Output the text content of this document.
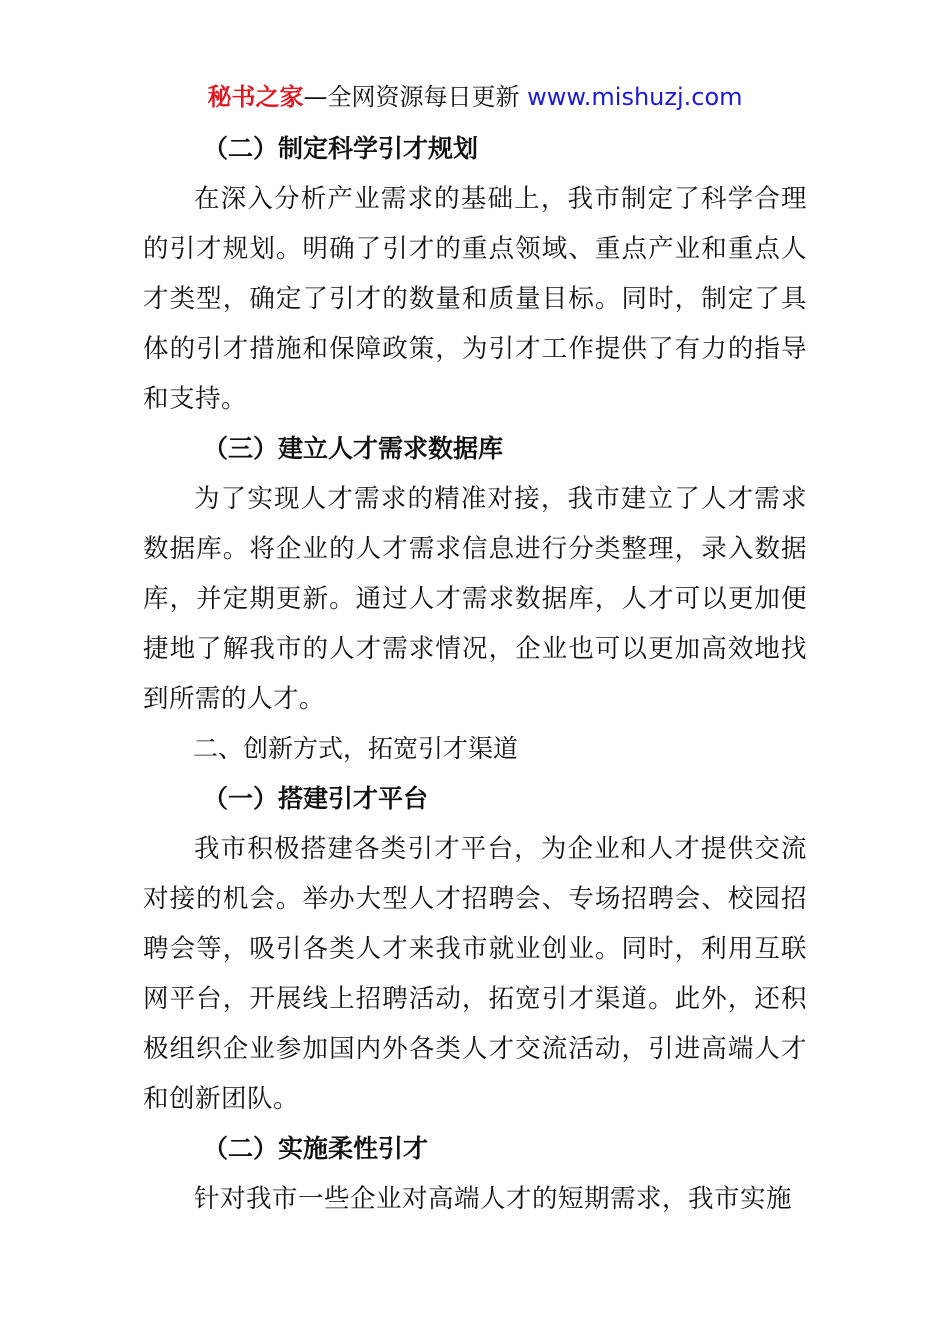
秘书之家—全网资源每日更新 www.mishuzj.com
（二）制定科学引才规划

在深入分析产业需求的基础上，我市制定了科学合理的引才规划。明确了引才的重点领域、重点产业和重点人才类型，确定了引才的数量和质量目标。同时，制定了具体的引才措施和保障政策，为引才工作提供了有力的指导和支持。

（三）建立人才需求数据库

为了实现人才需求的精准对接，我市建立了人才需求数据库。将企业的人才需求信息进行分类整理，录入数据库，并定期更新。通过人才需求数据库，人才可以更加便捷地了解我市的人才需求情况，企业也可以更加高效地找到所需的人才。

二、创新方式，拓宽引才渠道
（一）搭建引才平台

我市积极搭建各类引才平台，为企业和人才提供交流对接的机会。举办大型人才招聘会、专场招聘会、校园招聘会等，吸引各类人才来我市就业创业。同时，利用互联网平台，开展线上招聘活动，拓宽引才渠道。此外，还积极组织企业参加国内外各类人才交流活动，引进高端人才和创新团队。

（二）实施柔性引才

针对我市一些企业对高端人才的短期需求，我市实施
